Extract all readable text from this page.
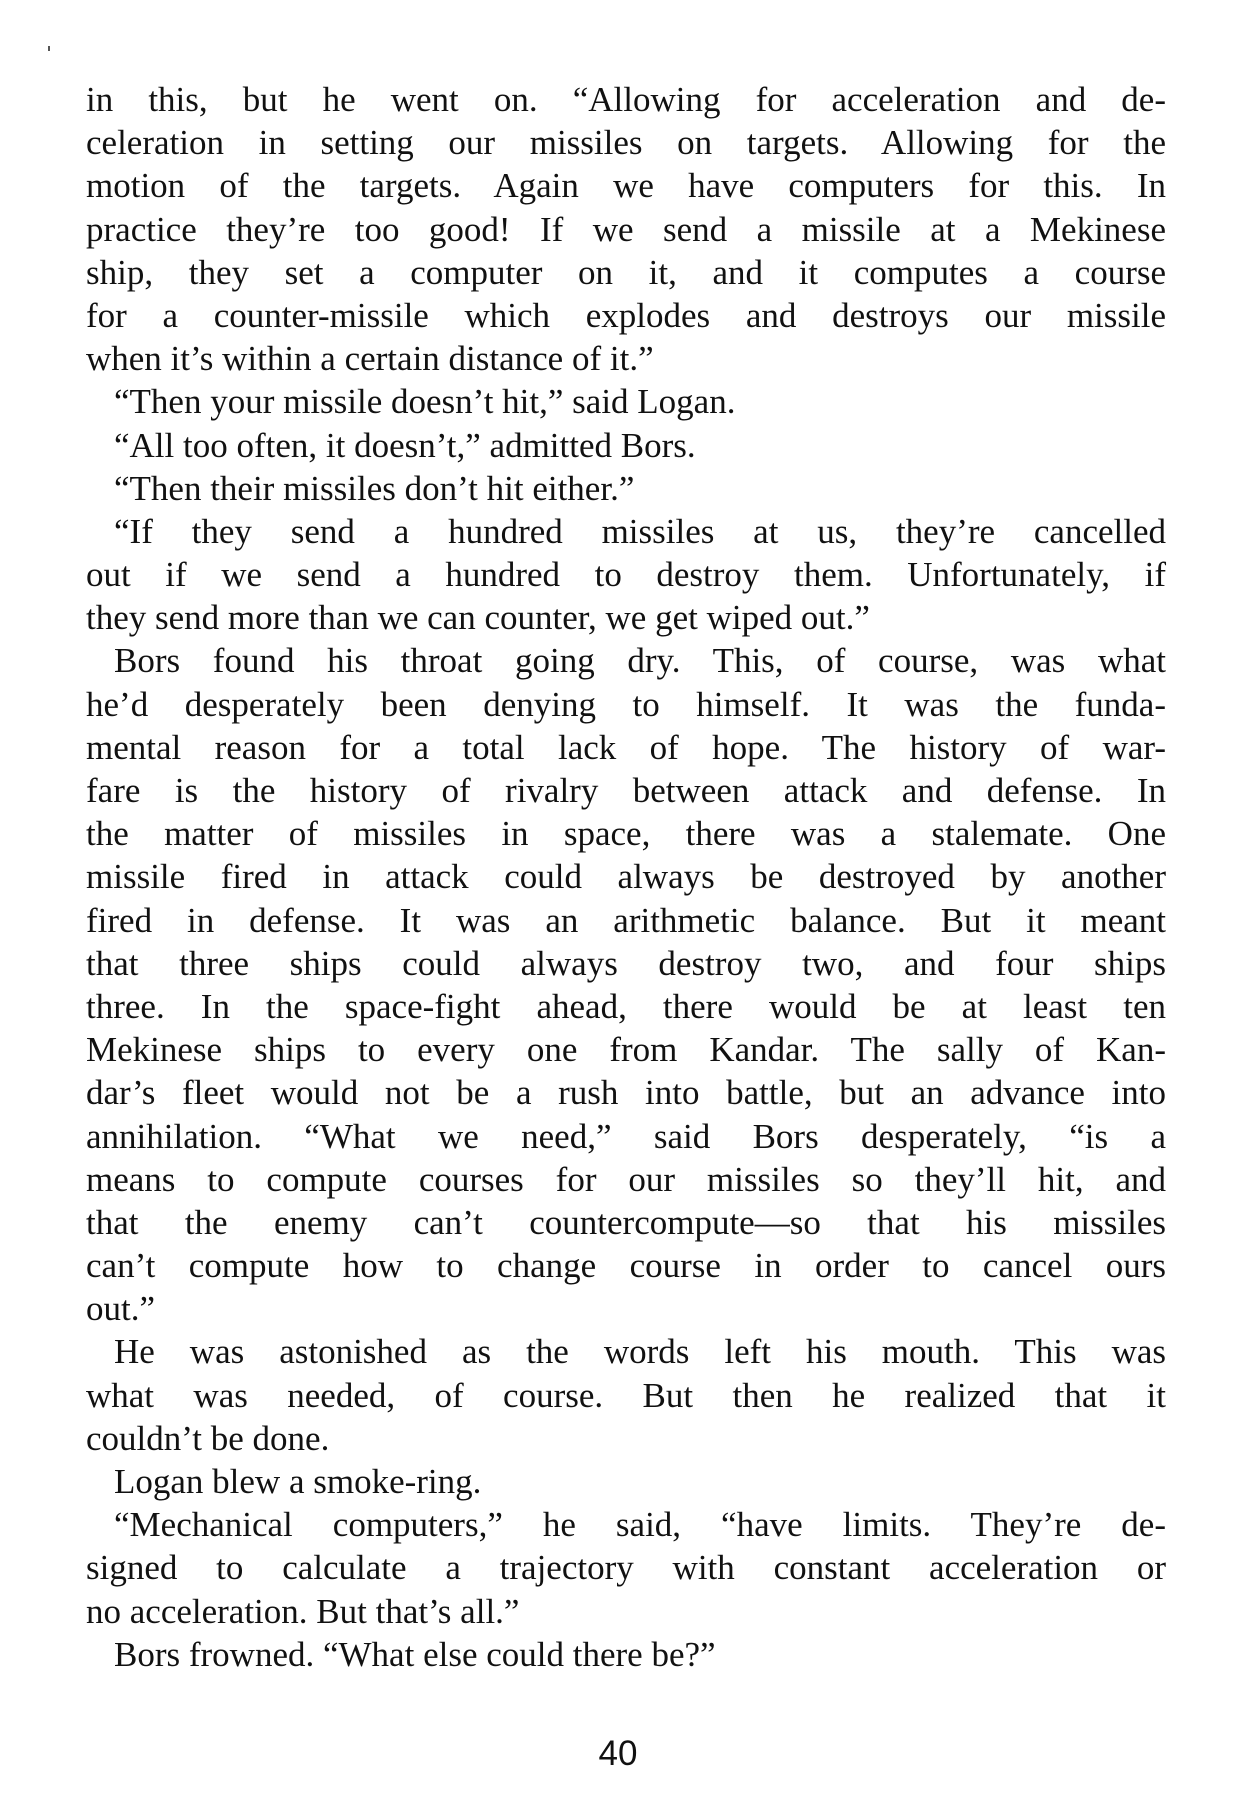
in this, but he went on. “Allowing for acceleration and de-
celeration in setting our missiles on targets. Allowing for the
motion of the targets. Again we have computers for this. In
practice they’re too good! If we send a missile at a Mekinese
ship, they set a computer on it, and it computes a course
for a counter-missile which explodes and destroys our missile
when it’s within a certain distance of it.”

“Then your missile doesn’t hit,” said Logan.

“All too often, it doesn’t,” admitted Bors.

“Then their missiles don’t hit either.”

“If they send a hundred missiles at us, they’re cancelled
out if we send a hundred to destroy them. Unfortunately, if
they send more than we can counter, we get wiped out.”

Bors found his throat going dry. This, of course, was what
he’d desperately been denying to himself. It was the funda-
mental reason for a total lack of hope. The history of war-
fare is the history of rivalry between attack and defense. In
the matter of missiles in space, there was a stalemate. One
missile fired in attack could always be destroyed by another
fired in defense. It was an arithmetic balance. But it meant
that three ships could always destroy two, and four ships
three. In the space-fight ahead, there would be at least ten
Mekinese ships to every one from Kandar. The sally of Kan-
dar’s fleet would not be a rush into battle, but an advance into
annihilation. “What we need,” said Bors desperately, “is a
means to compute courses for our missiles so they’ll hit, and
that the enemy can’t countercompute—so that his missiles
can’t compute how to change course in order to cancel ours
out.”

He was astonished as the words left his mouth. This was
what was needed, of course. But then he realized that it
couldn’t be done.

Logan blew a smoke-ring.

“Mechanical computers,” he said, “have limits. They’re de-
signed to calculate a trajectory with constant acceleration or
no acceleration. But that’s all.”

Bors frowned. “What else could there be?”

40
